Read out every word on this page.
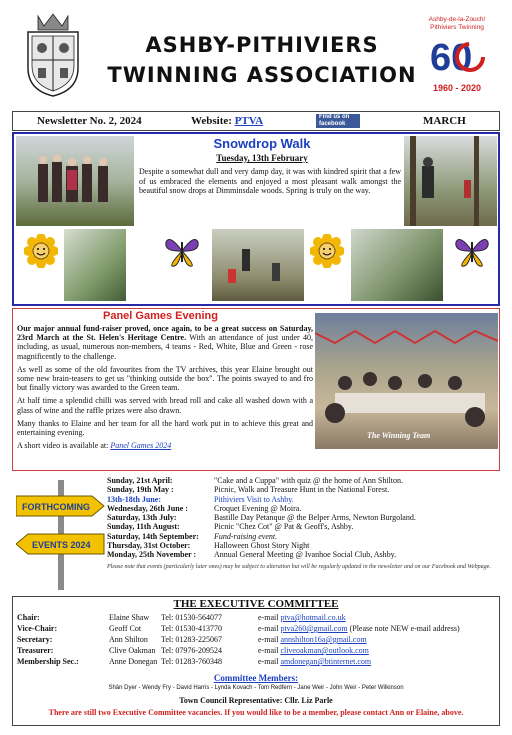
ASHBY-PITHIVIERS
TWINNING ASSOCIATION
Ashby-de-la-Zouch/
Pithiviers Twinning
60
1960 - 2020
Newsletter No. 2, 2024	Website: PTVA	Find us on facebook	MARCH
Snowdrop Walk
Tuesday, 13th February
Despite a somewhat dull and very damp day, it was with kindred spirit that a few of us embraced the elements and enjoyed a most pleasant walk amongst the beautiful snow drops at Dimminsdale woods. Spring is truly on the way.
Panel Games Evening

Our major annual fund-raiser proved, once again, to be a great success on Saturday, 23rd March at the St. Helen's Heritage Centre. With an attendance of just under 40, including, as usual, numerous non-members, 4 teams - Red, White, Blue and Green - rose magnificently to the challenge.

As well as some of the old favourites from the TV archives, this year Elaine brought out some new brain-teasers to get us "thinking outside the box". The points swayed to and fro but finally victory was awarded to the Green team.

At half time a splendid chilli was served with bread roll and cake all washed down with a glass of wine and the raffle prizes were also drawn.

Many thanks to Elaine and her team for all the hard work put in to achieve this great and entertaining evening.

A short video is available at: Panel Games 2024

The Winning Team
FORTHCOMING
EVENTS 2024
Sunday, 21st April:	"Cake and a Cuppa" with quiz @ the home of Ann Shilton.
Sunday, 19th May :	Picnic, Walk and Treasure Hunt in the National Forest.
13th-18th June:	Pithiviers Visit to Ashby.
Wednesday, 26th June :	Croquet Evening @ Moira.
Saturday, 13th July:	Bastille Day Petanque @ the Belper Arms, Newton Burgoland.
Sunday, 11th August:	Picnic "Chez Cot" @ Pat & Geoff's, Ashby.
Saturday, 14th September:	Fund-raising event.
Thursday, 31st October:	Halloween Ghost Story Night
Monday, 25th November :	Annual General Meeting @ Ivanhoe Social Club, Ashby.
Please note that events (particularly later ones) may be subject to alteration but will be regularly updated in the newsletter and on our Facebook and Webpage.
THE EXECUTIVE COMMITTEE
Chair:	Elaine Shaw	Tel: 01530-564077	e-mail ptva@hotmail.co.uk
Vice-Chair:	Geoff Cot	Tel: 01530-413770	e-mail ptva260@gmail.com (Please note NEW e-mail address)
Secretary:	Ann Shilton	Tel: 01283-225067	e-mail annshilton16a@gmail.com
Treasurer:	Clive Oakman Tel: 07976-209524	e-mail cliveoakman@outlook.com
Membership Sec.:	Anne Donegan Tel: 01283-760348	e-mail amdonegan@btinternet.com
Committee Members:
Shân Dyer - Wendy Fry - David Harris - Lynda Kovach - Tom Redfern - Jane Weir - John Weir - Peter Wilkinson
Town Council Representative: Cllr. Liz Parle
There are still two Executive Committee vacancies. If you would like to be a member, please contact Ann or Elaine, above.
